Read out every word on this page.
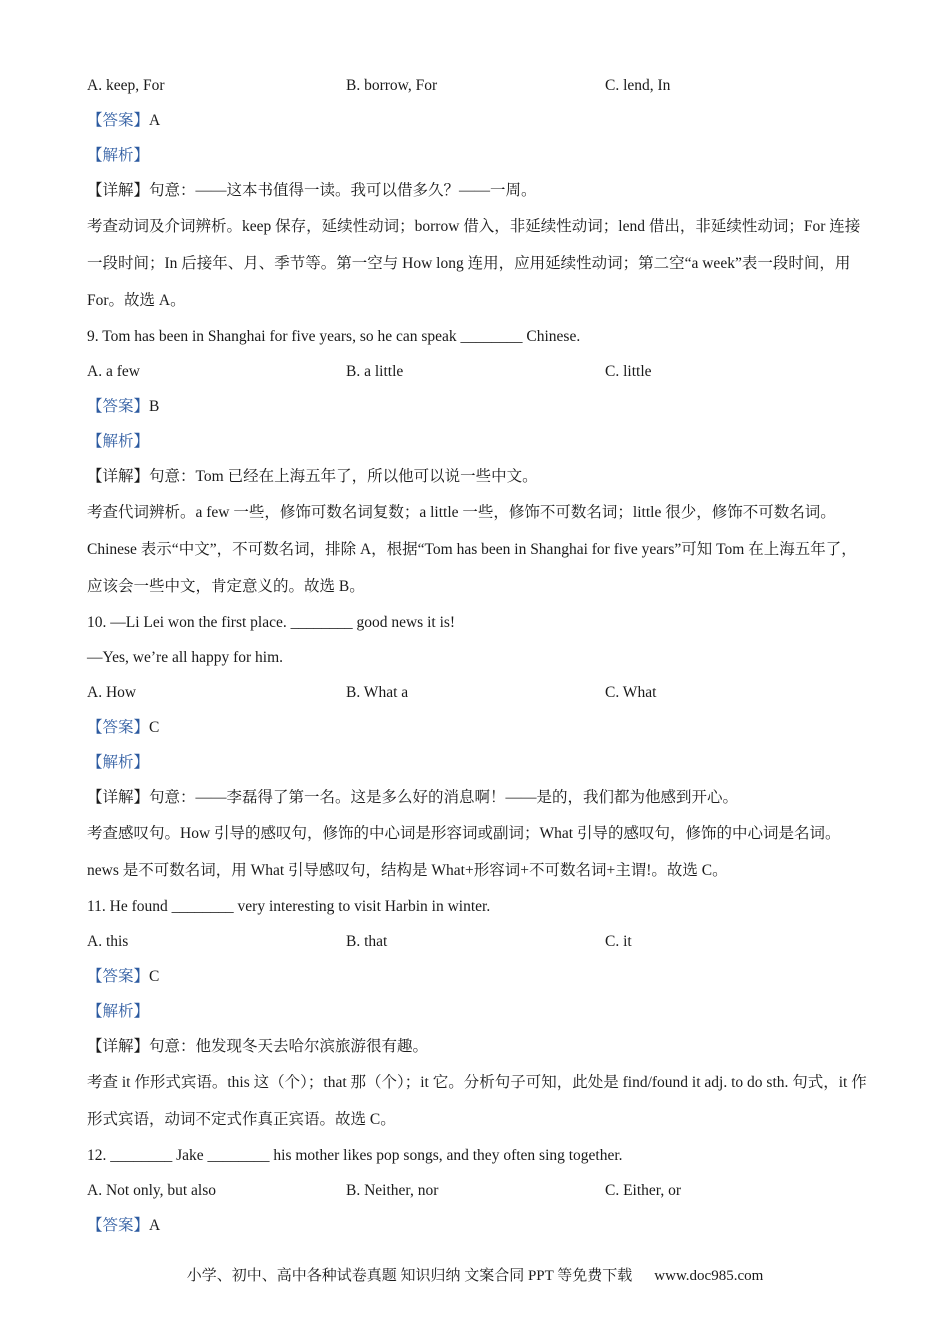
A. keep, For	B. borrow, For	C. lend, In
【答案】A
【解析】
【详解】句意：——这本书值得一读。我可以借多久？——一周。
考查动词及介词辨析。keep 保存，延续性动词；borrow 借入，非延续性动词；lend 借出，非延续性动词；For 连接一段时间；In 后接年、月、季节等。第一空与 How long 连用，应用延续性动词；第二空“a week”表一段时间，用 For。故选 A。
9. Tom has been in Shanghai for five years, so he can speak ________ Chinese.
A. a few	B. a little	C. little
【答案】B
【解析】
【详解】句意：Tom 已经在上海五年了，所以他可以说一些中文。
考查代词辨析。a few 一些，修饰可数名词复数；a little 一些，修饰不可数名词；little 很少，修饰不可数名词。Chinese 表示“中文”，不可数名词，排除 A，根据“Tom has been in Shanghai for five years”可知 Tom 在上海五年了，应该会一些中文，肯定意义的。故选 B。
10. —Li Lei won the first place. ________ good news it is!
—Yes, we’re all happy for him.
A. How	B. What a	C. What
【答案】C
【解析】
【详解】句意：——李磊得了第一名。这是多么好的消息啊！——是的，我们都为他感到开心。
考查感叹句。How 引导的感叹句，修饰的中心词是形容词或副词；What 引导的感叹句，修饰的中心词是名词。news 是不可数名词，用 What 引导感叹句，结构是 What+形容词+不可数名词+主谓!。故选 C。
11. He found ________ very interesting to visit Harbin in winter.
A. this	B. that	C. it
【答案】C
【解析】
【详解】句意：他发现冬天去哈尔滨旅游很有趣。
考查 it 作形式宾语。this 这（个）；that 那（个）；it 它。分析句子可知，此处是 find/found it adj. to do sth. 句式，it 作形式宾语，动词不定式作真正宾语。故选 C。
12. ________ Jake ________ his mother likes pop songs, and they often sing together.
A. Not only, but also	B. Neither, nor	C. Either, or
【答案】A
小学、初中、高中各种试卷真题 知识归纳 文案合同 PPT 等免费下载 www.doc985.com
